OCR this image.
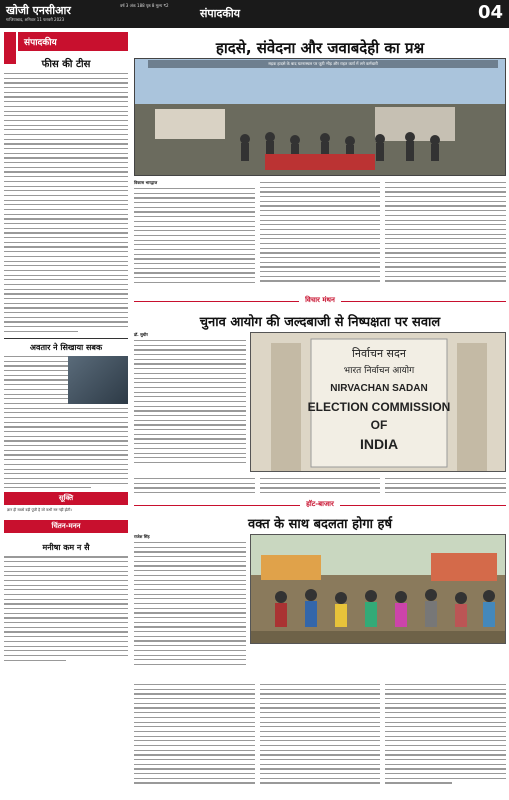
खोजी एनसीआर
गाजियाबाद, शनिवार 11 फरवरी 2023
वर्ष 3 अंक 188 पृष्ठ 8 मूल्य ₹2
संपादकीय	04
संपादकीय
फीस की टीस
अवतार ने सिखाया सबक
सूक्ति
ज्ञान ही सबसे बड़ी पूंजी है जो कभी नष्ट नहीं होती।
चिंतन-मनन
मनीषा कम न सै
हादसे, संवेदना और जवाबदेही का प्रश्न
सड़क हादसे के बाद घटनास्थल पर जुटी भीड़ और राहत कार्य में लगे कर्मचारी
विकास भारद्वाज
विचार मंथन
चुनाव आयोग की जल्दबाजी से निष्पक्षता पर सवाल
डॉ. सुधीर
निर्वाचन सदन
भारत निर्वाचन आयोग
NIRVACHAN SADAN
ELECTION COMMISSION
OF
INDIA
हॉट-बाजार
वक्त के साथ बदलता होगा हर्ष
राजेश सिंह
